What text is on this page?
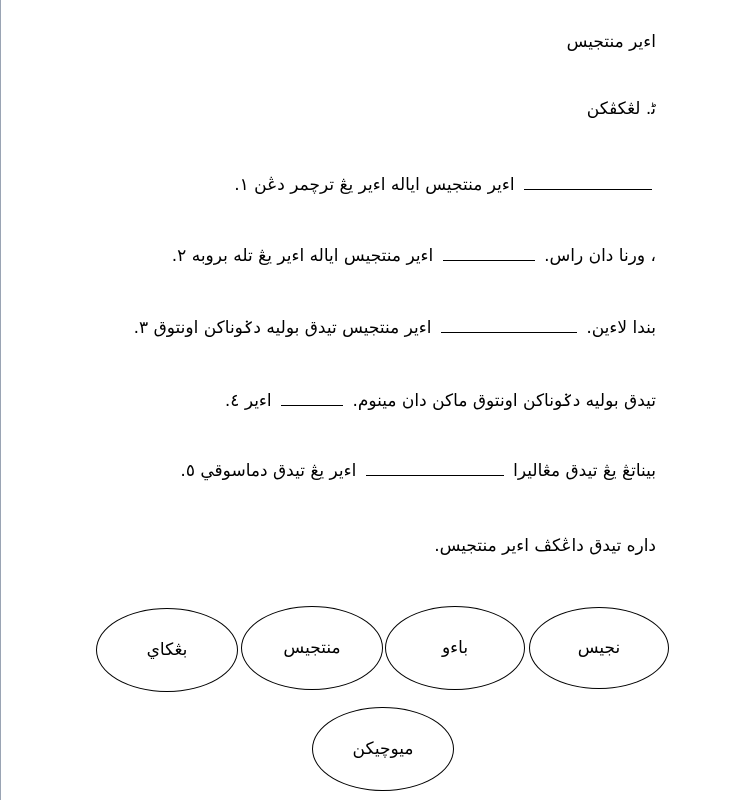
اءير منتجيس
ﮢ. لڠكڤكن
١. اءير منتجيس اياله اءير يڠ ترچمر دڠن
٢. اءير منتجيس اياله اءير يڠ تله بروبه	، ورنا دان راس.
٣. اءير منتجيس تيدق بوليه دݢوناکن اونتوق	بندا لاءين.
٤. اءير	تيدق بوليه دݢوناکن اونتوق ماکن دان مينوم.
٥. اءير يڠ تيدق دماسوقي	بيناتڠ يڠ تيدق مڠاليرا
داره تيدق داڠکڤ اءير منتجيس.
نجيس
باءو
منتجيس
بڠکاي
ميوچيکن
